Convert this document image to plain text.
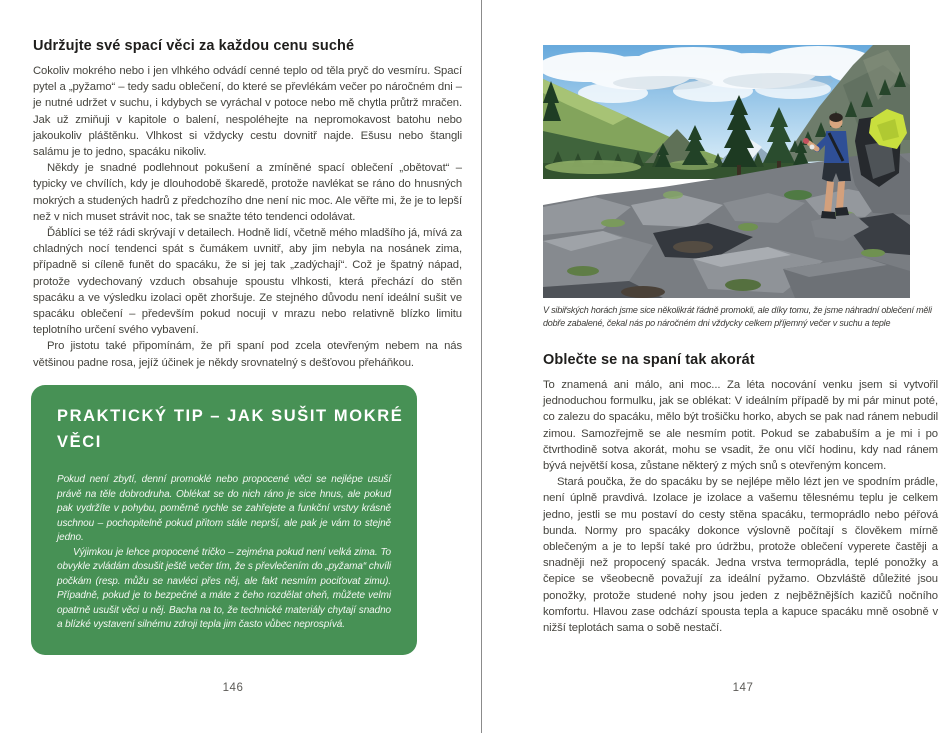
Udržujte své spací věci za každou cenu suché
Cokoliv mokrého nebo i jen vlhkého odvádí cenné teplo od těla pryč do vesmíru. Spací pytel a „pyžamo“ – tedy sadu oblečení, do které se převlékám večer po náročném dni – je nutné udržet v suchu, i kdybych se vyráchal v potoce nebo mě chytla průtrž mračen. Jak už zmiňuji v kapitole o balení, nespoléhejte na nepromokavost batohu nebo jakoukoliv pláštěnku. Vlhkost si vždycky cestu dovnitř najde. Ešusu nebo štangli salámu je to jedno, spacáku nikoliv.
Někdy je snadné podlehnout pokušení a zmíněné spací oblečení „obětovat“ – typicky ve chvílích, kdy je dlouhodobě škaredě, protože navlékat se ráno do hnusných mokrých a studených hadrů z předchozího dne není nic moc. Ale věřte mi, že je to lepší než v nich muset strávit noc, tak se snažte této tendenci odolávat.
Ďáblíci se též rádi skrývají v detailech. Hodně lidí, včetně mého mladšího já, mívá za chladných nocí tendenci spát s čumákem uvnitř, aby jim nebyla na nosánek zima, případně si cíleně funět do spacáku, že si jej tak „zadýchají“. Což je špatný nápad, protože vydechovaný vzduch obsahuje spoustu vlhkosti, která přechází do stěn spacáku a ve výsledku izolaci opět zhoršuje. Ze stejného důvodu není ideální sušit ve spacáku oblečení – především pokud nocuji v mrazu nebo relativně blízko limitu teplotního určení svého vybavení.
Pro jistotu také připomínám, že při spaní pod zcela otevřeným nebem na nás většinou padne rosa, jejíž účinek je někdy srovnatelný s dešťovou přeháňkou.
PRAKTICKÝ TIP – JAK SUŠIT MOKRÉ
VĚCI
Pokud není zbytí, denní promoklé nebo propocené věci se nejlépe usuší právě na těle dobrodruha. Oblékat se do nich ráno je sice hnus, ale pokud pak vydržíte v pohybu, poměrně rychle se zahřejete a funkční vrstvy krásně uschnou – pochopitelně pokud přitom stále neprší, ale pak je vám to stejně jedno.
Výjimkou je lehce propocené tričko – zejména pokud není velká zima. To obvykle zvládám dosušit ještě večer tím, že s převlečením do „pyžama“ chvíli počkám (resp. můžu se navléci přes něj, ale fakt nesmím pociťovat zimu). Případně, pokud je to bezpečné a máte z čeho rozdělat oheň, můžete velmi opatrně usušit věci u něj. Bacha na to, že technické materiály chytají snadno a blízké vystavení silnému zdroji tepla jim často vůbec neprospívá.
146
V sibiřských horách jsme sice několikrát řádně promokli, ale díky tomu, že jsme náhradní oblečení měli dobře zabalené, čekal nás po náročném dni vždycky celkem příjemný večer v suchu a teple
Oblečte se na spaní tak akorát
To znamená ani málo, ani moc... Za léta nocování venku jsem si vytvořil jednoduchou formulku, jak se oblékat: V ideálním případě by mi pár minut poté, co zalezu do spacáku, mělo být trošičku horko, abych se pak nad ránem nebudil zimou. Samozřejmě se ale nesmím potit. Pokud se zababuším a je mi i po čtvrthodině sotva akorát, mohu se vsadit, že onu vlčí hodinu, kdy nad ránem bývá největší kosa, zůstane některý z mých snů s otevřeným koncem.
Stará poučka, že do spacáku by se nejlépe mělo lézt jen ve spodním prádle, není úplně pravdivá. Izolace je izolace a vašemu tělesnému teplu je celkem jedno, jestli se mu postaví do cesty stěna spacáku, termoprádlo nebo péřová bunda. Normy pro spacáky dokonce výslovně počítají s člověkem mírně oblečeným a je to lepší také pro údržbu, protože oblečení vyperete častěji a snadněji než propocený spacák. Jedna vrstva termoprádla, teplé ponožky a čepice se všeobecně považují za ideální pyžamo. Obzvláště důležité jsou ponožky, protože studené nohy jsou jeden z nejběžnějších kazičů nočního komfortu. Hlavou zase odchází spousta tepla a kapuce spacáku mně osobně v nižší teplotách sama o sobě nestačí.
147
